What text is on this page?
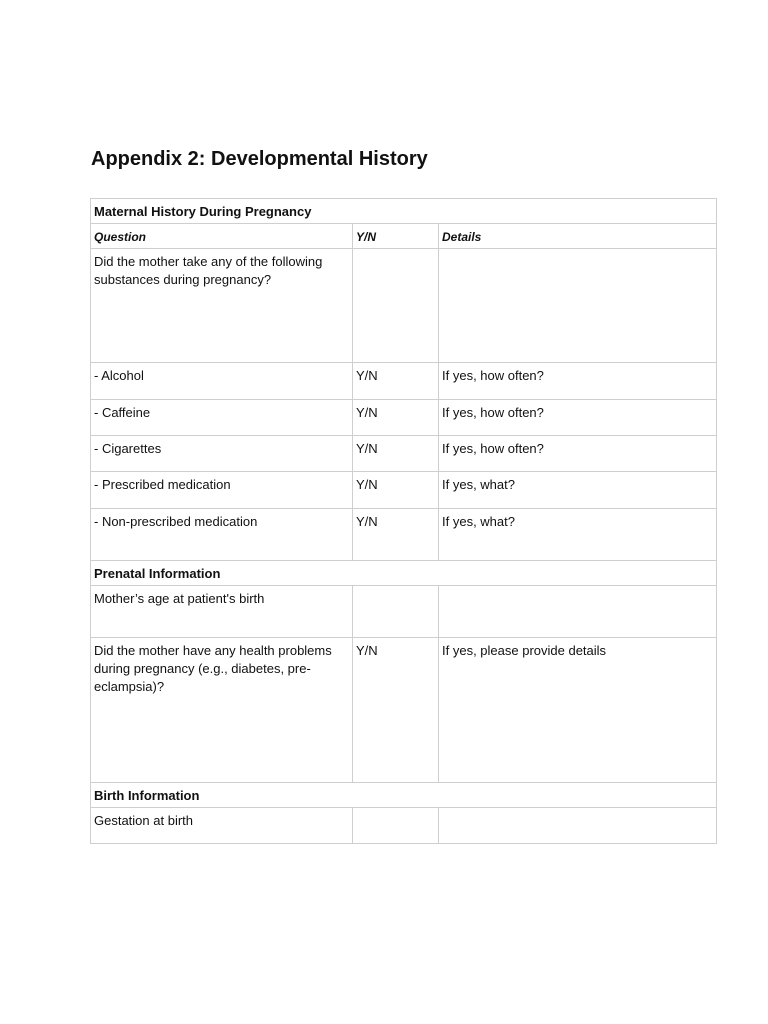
Appendix 2: Developmental History
Maternal History During Pregnancy		
Question	Y/N	Details
Did the mother take any of the following substances during pregnancy?		
- Alcohol	Y/N	If yes, how often?
- Caffeine	Y/N	If yes, how often?
- Cigarettes	Y/N	If yes, how often?
- Prescribed medication	Y/N	If yes, what?
- Non-prescribed medication	Y/N	If yes, what?
Prenatal Information		
Mother’s age at patient's birth		
Did the mother have any health problems during pregnancy (e.g., diabetes, pre-eclampsia)?	Y/N	If yes, please provide details
Birth Information		
Gestation at birth		
